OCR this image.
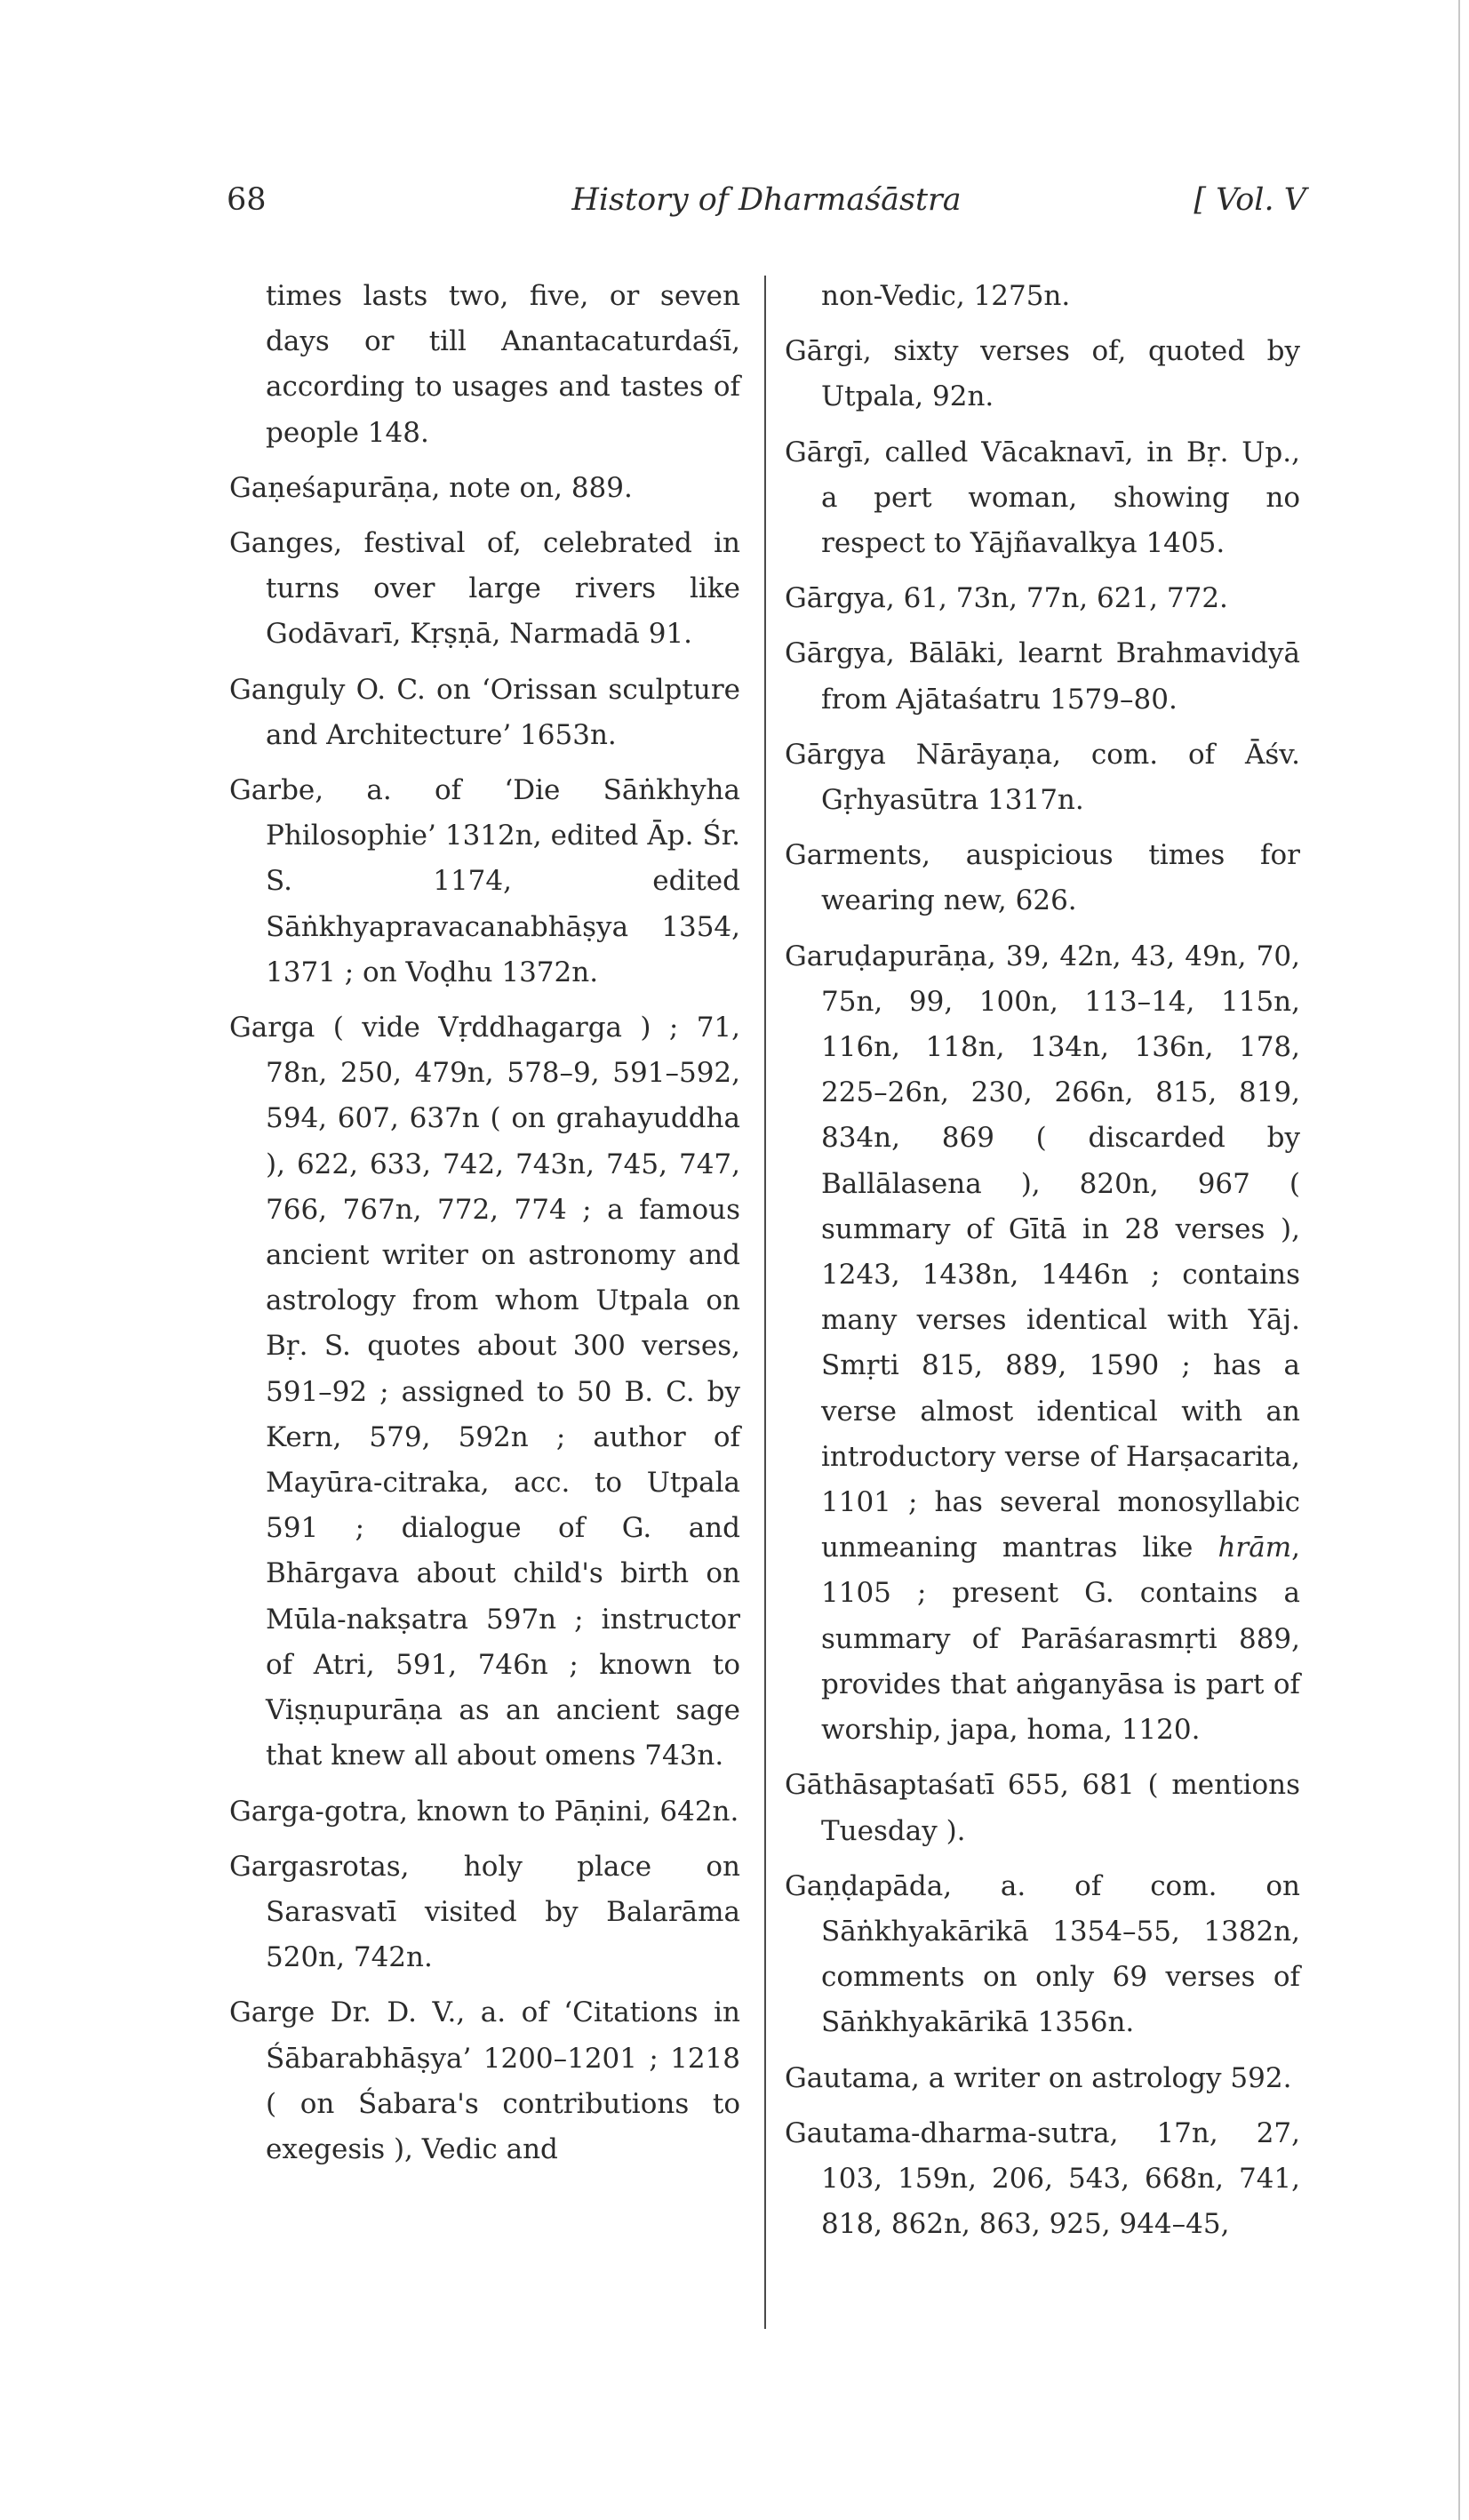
68	History of Dharmaśāstra	[ Vol. V

times lasts two, five, or seven days or till Anantacaturdaśī, according to usages and tastes of people 148.

Gaṇeśapurāṇa, note on, 889.

Ganges, festival of, celebrated in turns over large rivers like Godāvarī, Kṛṣṇā, Narmadā 91.

Ganguly O. C. on ‘Orissan sculpture and Architecture’ 1653n.

Garbe, a. of ‘Die Sāṅkhyha Philosophie’ 1312n, edited Āp. Śr. S. 1174, edited Sāṅkhyapravacanabhāṣya 1354, 1371 ; on Voḍhu 1372n.

Garga ( vide Vṛddhagarga ) ; 71, 78n, 250, 479n, 578–9, 591–592, 594, 607, 637n ( on grahayuddha ), 622, 633, 742, 743n, 745, 747, 766, 767n, 772, 774 ; a famous ancient writer on astronomy and astrology from whom Utpala on Bṛ. S. quotes about 300 verses, 591–92 ; assigned to 50 B. C. by Kern, 579, 592n ; author of Mayūra-citraka, acc. to Utpala 591 ; dialogue of G. and Bhārgava about child's birth on Mūla-nakṣatra 597n ; instructor of Atri, 591, 746n ; known to Viṣṇupurāṇa as an ancient sage that knew all about omens 743n.

Garga-gotra, known to Pāṇini, 642n.

Gargasrotas, holy place on Sarasvatī visited by Balarāma 520n, 742n.

Garge Dr. D. V., a. of ‘Citations in Śābarabhāṣya’ 1200–1201 ; 1218 ( on Śabara's contributions to exegesis ), Vedic and

non-Vedic, 1275n.

Gārgi, sixty verses of, quoted by Utpala, 92n.

Gārgī, called Vācaknavī, in Bṛ. Up., a pert woman, showing no respect to Yājñavalkya 1405.

Gārgya, 61, 73n, 77n, 621, 772.

Gārgya, Bālāki, learnt Brahmavidyā from Ajātaśatru 1579–80.

Gārgya Nārāyaṇa, com. of Āśv. Gṛhyasūtra 1317n.

Garments, auspicious times for wearing new, 626.

Garuḍapurāṇa, 39, 42n, 43, 49n, 70, 75n, 99, 100n, 113–14, 115n, 116n, 118n, 134n, 136n, 178, 225–26n, 230, 266n, 815, 819, 834n, 869 ( discarded by Ballālasena ), 820n, 967 ( summary of Gītā in 28 verses ), 1243, 1438n, 1446n ; contains many verses identical with Yāj. Smṛti 815, 889, 1590 ; has a verse almost identical with an introductory verse of Harṣacarita, 1101 ; has several monosyllabic unmeaning mantras like hrām, 1105 ; present G. contains a summary of Parāśarasmṛti 889, provides that aṅganyāsa is part of worship, japa, homa, 1120.

Gāthāsaptaśatī 655, 681 ( mentions Tuesday ).

Gaṇḍapāda, a. of com. on Sāṅkhyakārikā 1354–55, 1382n, comments on only 69 verses of Sāṅkhyakārikā 1356n.

Gautama, a writer on astrology 592.

Gautama-dharma-sutra, 17n, 27, 103, 159n, 206, 543, 668n, 741, 818, 862n, 863, 925, 944–45,
